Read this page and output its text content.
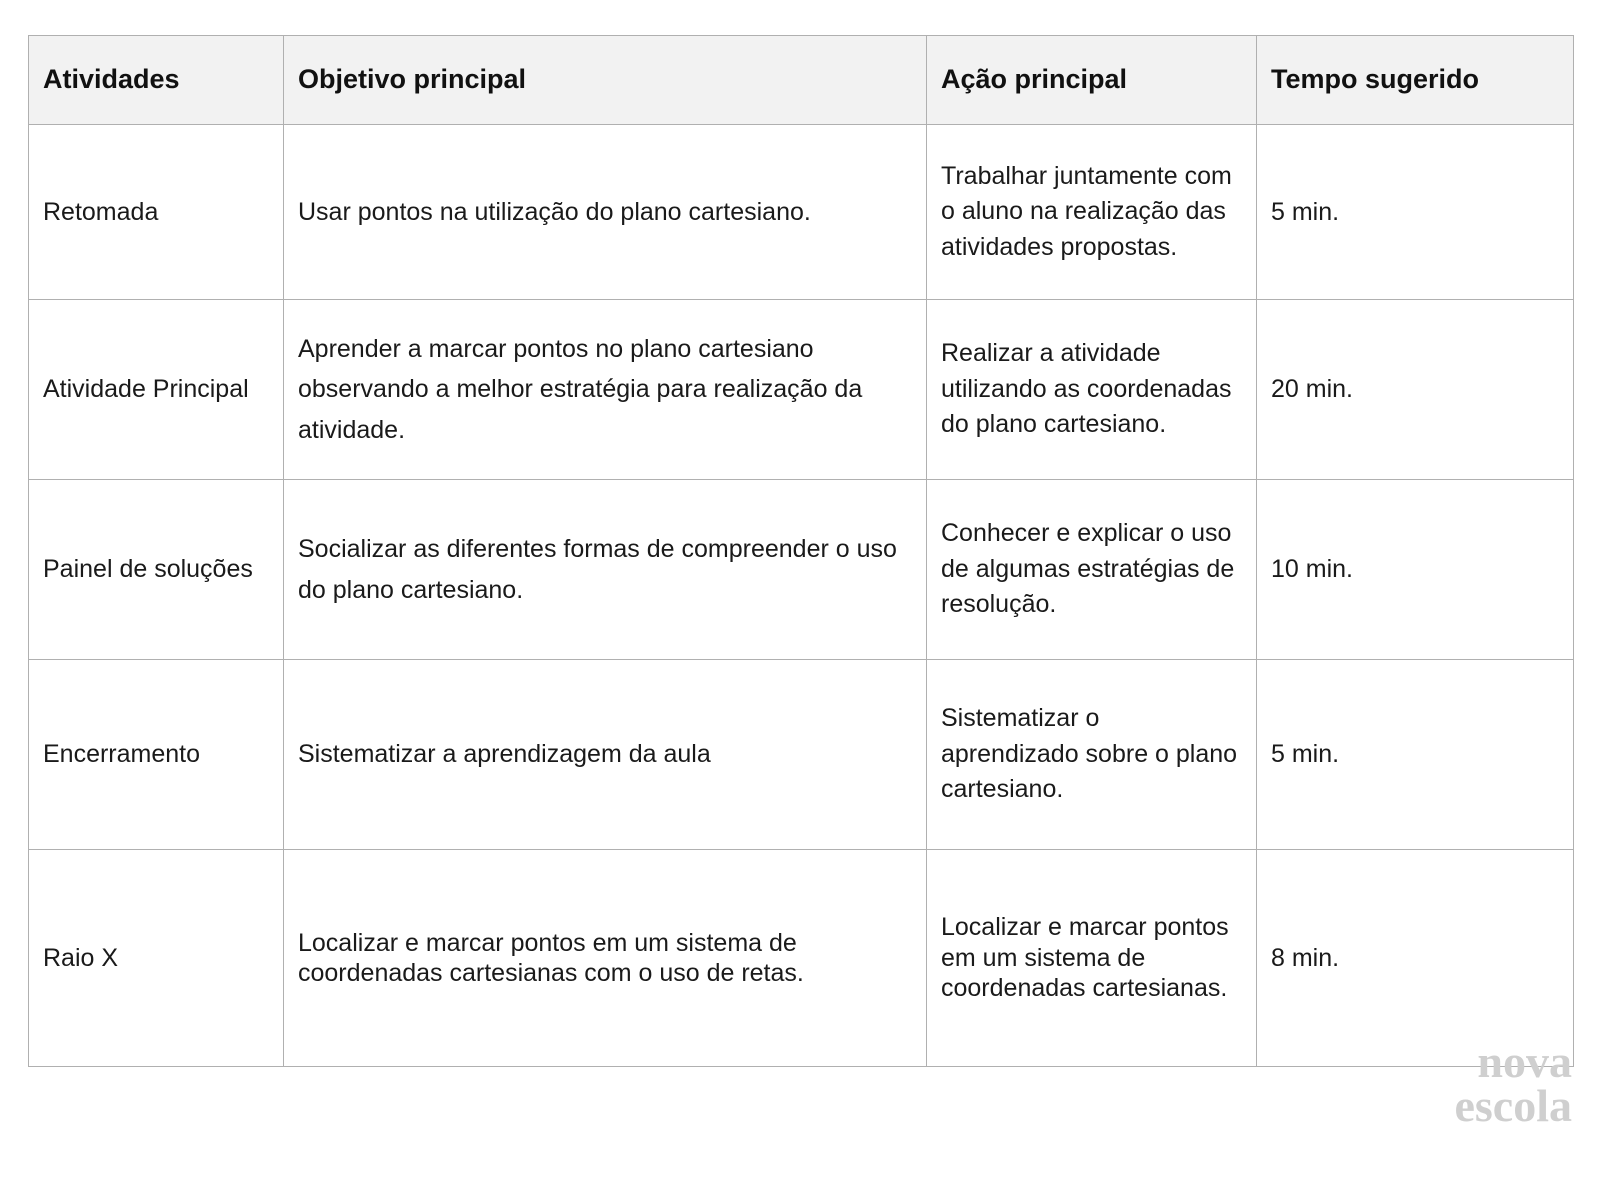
Atividades	Objetivo principal	Ação principal	Tempo sugerido
Retomada	Usar pontos na utilização do plano cartesiano.	Trabalhar juntamente com o aluno na realização das atividades propostas.	5 min.
Atividade Principal	Aprender a marcar pontos no plano cartesiano observando a melhor estratégia para realização da atividade.	Realizar a atividade utilizando as coordenadas do plano cartesiano.	20 min.
Painel de soluções	Socializar as diferentes formas de compreender o uso do plano cartesiano.	Conhecer e explicar o uso de algumas estratégias de resolução.	10 min.
Encerramento	Sistematizar a aprendizagem da aula	Sistematizar o aprendizado sobre o plano cartesiano.	5 min.
Raio X	Localizar e marcar pontos em um sistema de coordenadas cartesianas com o uso de retas.	Localizar e marcar pontos em um sistema de coordenadas cartesianas.	8 min.
nova
escola
